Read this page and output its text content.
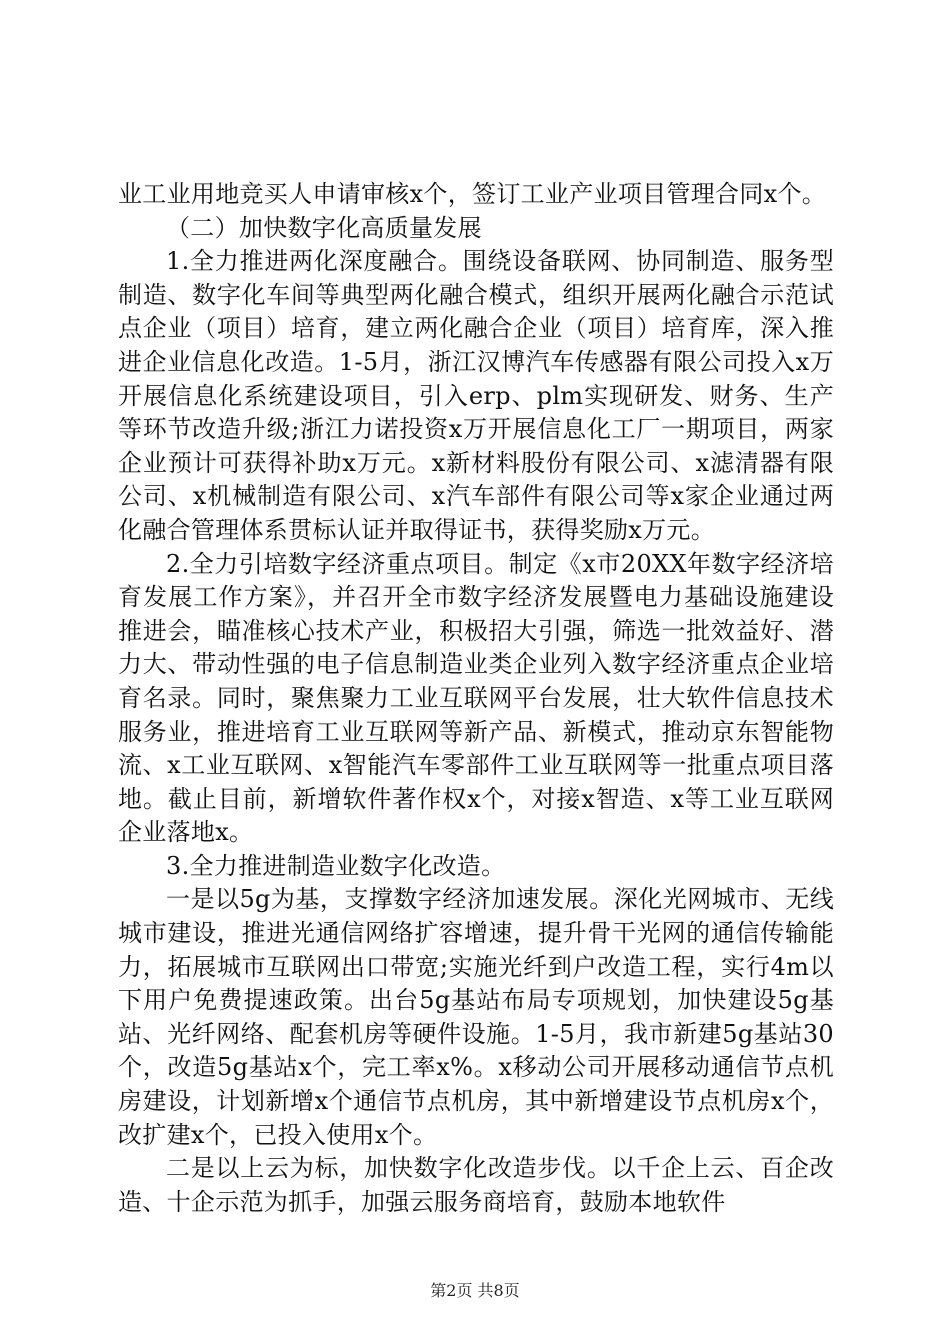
业工业用地竞买人申请审核x个，签订工业产业项目管理合同x个。

（二）加快数字化高质量发展

1.全力推进两化深度融合。围绕设备联网、协同制造、服务型制造、数字化车间等典型两化融合模式，组织开展两化融合示范试点企业（项目）培育，建立两化融合企业（项目）培育库，深入推进企业信息化改造。1-5月，浙江汉博汽车传感器有限公司投入x万开展信息化系统建设项目，引入erp、plm实现研发、财务、生产等环节改造升级;浙江力诺投资x万开展信息化工厂一期项目，两家企业预计可获得补助x万元。x新材料股份有限公司、x滤清器有限公司、x机械制造有限公司、x汽车部件有限公司等x家企业通过两化融合管理体系贯标认证并取得证书，获得奖励x万元。

2.全力引培数字经济重点项目。制定《x市20XX年数字经济培育发展工作方案》，并召开全市数字经济发展暨电力基础设施建设推进会，瞄准核心技术产业，积极招大引强，筛选一批效益好、潜力大、带动性强的电子信息制造业类企业列入数字经济重点企业培育名录。同时，聚焦聚力工业互联网平台发展，壮大软件信息技术服务业，推进培育工业互联网等新产品、新模式，推动京东智能物流、x工业互联网、x智能汽车零部件工业互联网等一批重点项目落地。截止目前，新增软件著作权x个，对接x智造、x等工业互联网企业落地x。

3.全力推进制造业数字化改造。

一是以5g为基，支撑数字经济加速发展。深化光网城市、无线城市建设，推进光通信网络扩容增速，提升骨干光网的通信传输能力，拓展城市互联网出口带宽;实施光纤到户改造工程，实行4m以下用户免费提速政策。出台5g基站布局专项规划，加快建设5g基站、光纤网络、配套机房等硬件设施。1-5月，我市新建5g基站30个，改造5g基站x个，完工率x%。x移动公司开展移动通信节点机房建设，计划新增x个通信节点机房，其中新增建设节点机房x个，改扩建x个，已投入使用x个。

二是以上云为标，加快数字化改造步伐。以千企上云、百企改造、十企示范为抓手，加强云服务商培育，鼓励本地软件

第2页 共8页
